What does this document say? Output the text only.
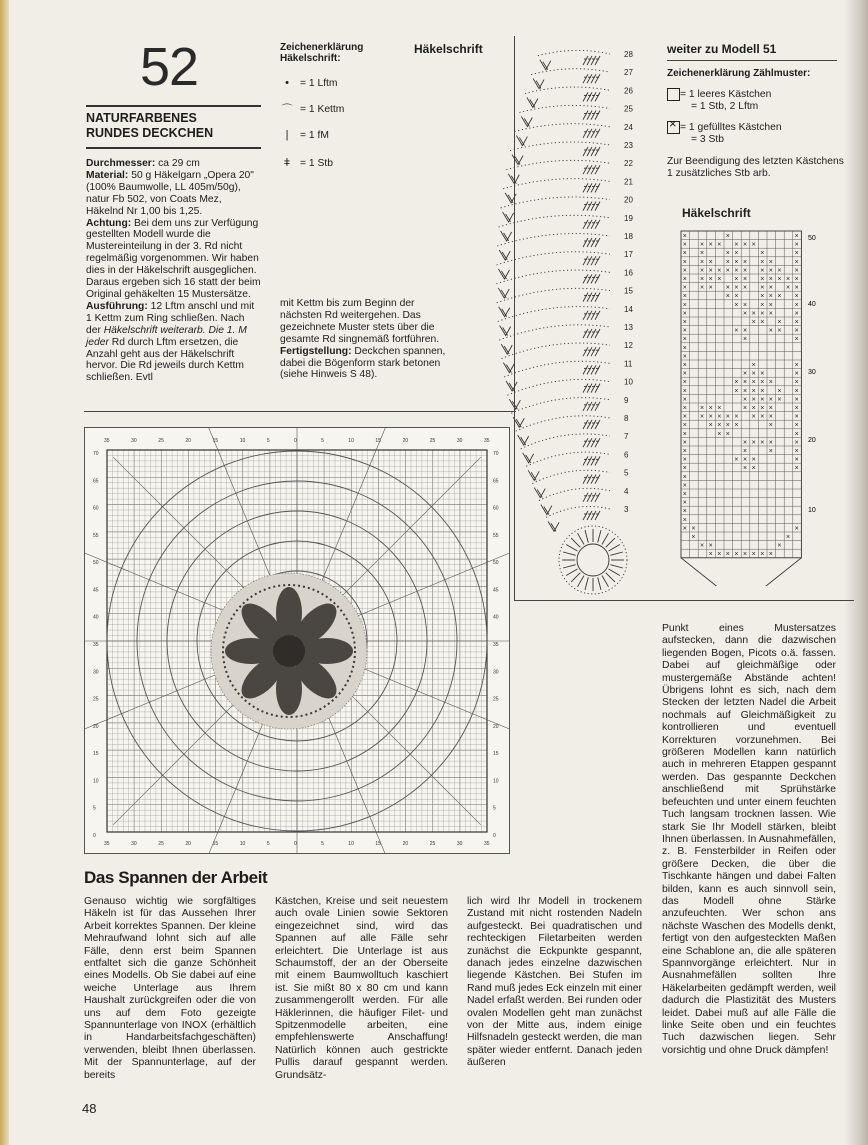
52
NATURFARBENES
RUNDES DECKCHEN
Durchmesser: ca 29 cm
Material: 50 g Häkelgarn „Opera 20" (100% Baumwolle, LL 405m/50g), natur Fb 502, von Coats Mez, Häkelnd Nr 1,00 bis 1,25.
Achtung: Bei dem uns zur Verfügung gestellten Modell wurde die Mustereinteilung in der 3. Rd nicht regelmäßig vorgenommen. Wir haben dies in der Häkelschrift ausgeglichen. Daraus ergeben sich 16 statt der beim Original gehäkelten 15 Mustersätze.
Ausführung: 12 Lftm anschl und mit 1 Kettm zum Ring schließen. Nach der Häkelschrift weiterarb. Die 1. M jeder Rd durch Lftm ersetzen, die Anzahl geht aus der Häkelschrift hervor. Die Rd jeweils durch Kettm schließen. Evtl
Zeichenerklärung Häkelschrift:
•	= 1 Lftm
⌒ = 1 Kettm
|	= 1 fM
ǂ = 1 Stb
Häkelschrift	28
27
26
25
24
23
22
21
20
19
18
17
16
15
14
13
12
11
10
9
8
7
6
5
4
3
mit Kettm bis zum Beginn der nächsten Rd weitergehen. Das gezeichnete Muster stets über die gesamte Rd singnemäß fortführen.
Fertigstellung: Deckchen spannen, dabei die Bögenform stark betonen (siehe Hinweis S 48).
weiter zu Modell 51
Zeichenerklärung Zählmuster:
= 1 leeres Kästchen
= 1 Stb, 2 Lftm
×= 1 gefülltes Kästchen
= 3 Stb
Zur Beendigung des letzten Kästchens 1 zusätzliches Stb arb.
Häkelschrift
×	×	×
× × × × × × ×	×
× ×	× ×	×	×
× × × × × × × ×	×
× × × × × × × × × × ×
× × × × × × × × × × ×
× × × × × × × × × ×
×	× ×	× × × ×
×	× × × ×	×
×	× × × ×	×
×	× × × ×
×	× ×	× × ×
×	×	×
×
×
×	×	×
×	× × ×	×
×	× × × × ×	×
×	× × × × × ×
×	× × × × × ×
× × × ×	× × × ×	×
× × × × × × × × ×	×
×	× × × ×	×	×
×	× ×	×
×	× × × ×	×
×	×	×	×
×	× × ×	×
×	× ×	×
×
×
×
×
×
×
× ×	×
×	×
× ×	×
× × × × × × × ×
50
40
30
20
10
35
35
30
30
25
25
20
20
15
15
10
10
5
5
0
0
5
5
10
10
15
15
20
20
25
25
30
30
35
35
70	70
65	65
60	60
55	55
50	50
45	45
40	40
35	35
30	30
25	25
20	20
15	15
10	10
5	5
0	0
Das Spannen der Arbeit
Genauso wichtig wie sorgfältiges Häkeln ist für das Aussehen Ihrer Arbeit korrektes Spannen. Der kleine Mehraufwand lohnt sich auf alle Fälle, denn erst beim Spannen entfaltet sich die ganze Schönheit eines Modells. Ob Sie dabei auf eine weiche Unterlage aus Ihrem Haushalt zurückgreifen oder die von uns auf dem Foto gezeigte Spannunterlage von INOX (erhältlich in Handarbeitsfachgeschäften) verwenden, bleibt Ihnen überlassen. Mit der Spannunterlage, auf der bereits
Kästchen, Kreise und seit neuestem auch ovale Linien sowie Sektoren eingezeichnet sind, wird das Spannen auf alle Fälle sehr erleichtert. Die Unterlage ist aus Schaumstoff, der an der Oberseite mit einem Baumwolltuch kaschiert ist. Sie mißt 80 x 80 cm und kann zusammengerollt werden. Für alle Häklerinnen, die häufiger Filet- und Spitzenmodelle arbeiten, eine empfehlenswerte Anschaffung! Natürlich können auch gestrickte Pullis darauf gespannt werden. Grundsätz-
lich wird Ihr Modell in trockenem Zustand mit nicht rostenden Nadeln aufgesteckt. Bei quadratischen und rechteckigen Filetarbeiten werden zunächst die Eckpunkte gespannt, danach jedes einzelne dazwischen liegende Kästchen. Bei Stufen im Rand muß jedes Eck einzeln mit einer Nadel erfaßt werden. Bei runden oder ovalen Modellen geht man zunächst von der Mitte aus, indem einige Hilfsnadeln gesteckt werden, die man später wieder entfernt. Danach jeden äußeren
Punkt eines Mustersatzes aufstecken, dann die dazwischen liegenden Bogen, Picots o.ä. fassen. Dabei auf gleichmäßige oder mustergemäße Abstände achten! Übrigens lohnt es sich, nach dem Stecken der letzten Nadel die Arbeit nochmals auf Gleichmäßigkeit zu kontrollieren und eventuell Korrekturen vorzunehmen. Bei größeren Modellen kann natürlich auch in mehreren Etappen gespannt werden. Das gespannte Deckchen anschließend mit Sprühstärke befeuchten und unter einem feuchten Tuch langsam trocknen lassen. Wie stark Sie Ihr Modell stärken, bleibt Ihnen überlassen. In Ausnahmefällen, z. B. Fensterbilder in Reifen oder größere Decken, die über die Tischkante hängen und dabei Falten bilden, kann es auch sinnvoll sein, das Modell ohne Stärke anzufeuchten. Wer schon ans nächste Waschen des Modells denkt, fertigt von den aufgesteckten Maßen eine Schablone an, die alle späteren Spannvorgänge erleichtert. Nur in Ausnahmefällen sollten Ihre Häkelarbeiten gedämpft werden, weil dadurch die Plastizität des Musters leidet. Dabei muß auf alle Fälle die linke Seite oben und ein feuchtes Tuch dazwischen liegen. Sehr vorsichtig und ohne Druck dämpfen!
48
